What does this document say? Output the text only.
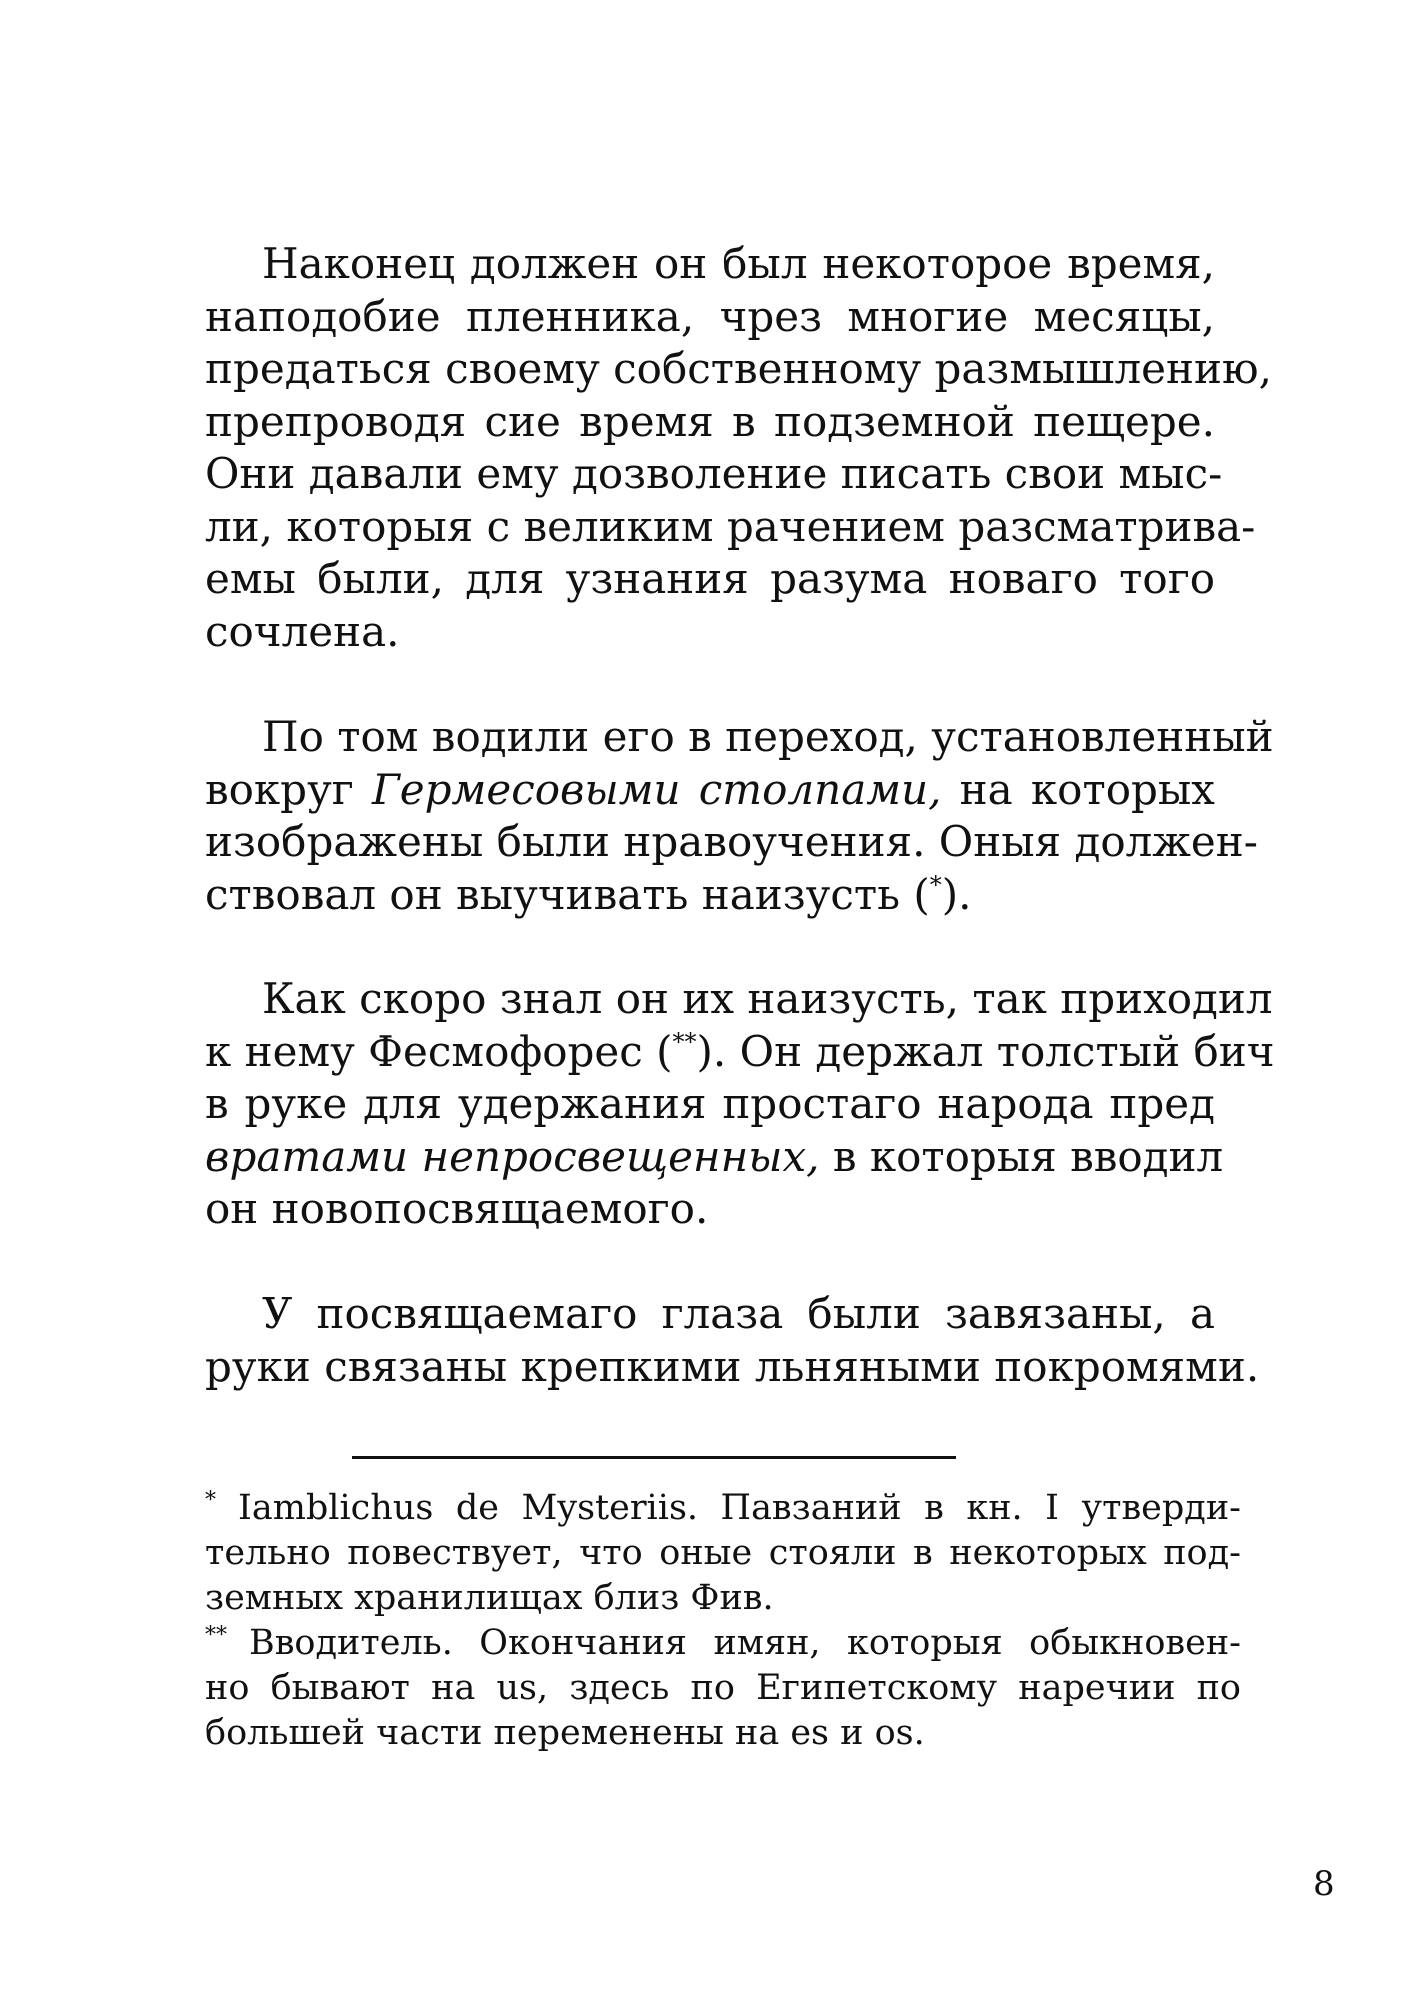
Наконец должен он был некоторое время,
наподобие пленника, чрез многие месяцы,
предаться своему собственному размышлению,
препроводя сие время в подземной пещере.
Они давали ему дозволение писать свои мыс-
ли, которыя с великим рачением разсматрива-
емы были, для узнания разума новаго того
сочлена.
По том водили его в переход, установленный
вокруг Гермесовыми столпами, на которых
изображены были нравоучения. Оныя должен-
ствовал он выучивать наизусть (*).
Как скоро знал он их наизусть, так приходил
к нему Фесмофорес (**). Он держал толстый бич
в руке для удержания простаго народа пред
вратами непросвещенных, в которыя вводил
он новопосвящаемого.
У посвящаемаго глаза были завязаны, а
руки связаны крепкими льняными покромями.
* Iamblichus de Mysteriis. Павзаний в кн. I утверди-
тельно повествует, что оные стояли в некоторых под-
земных хранилищах близ Фив.
** Вводитель. Окончания имян, которыя обыкновен-
но бывают на us, здесь по Египетскому наречии по
большей части переменены на es и os.
8
